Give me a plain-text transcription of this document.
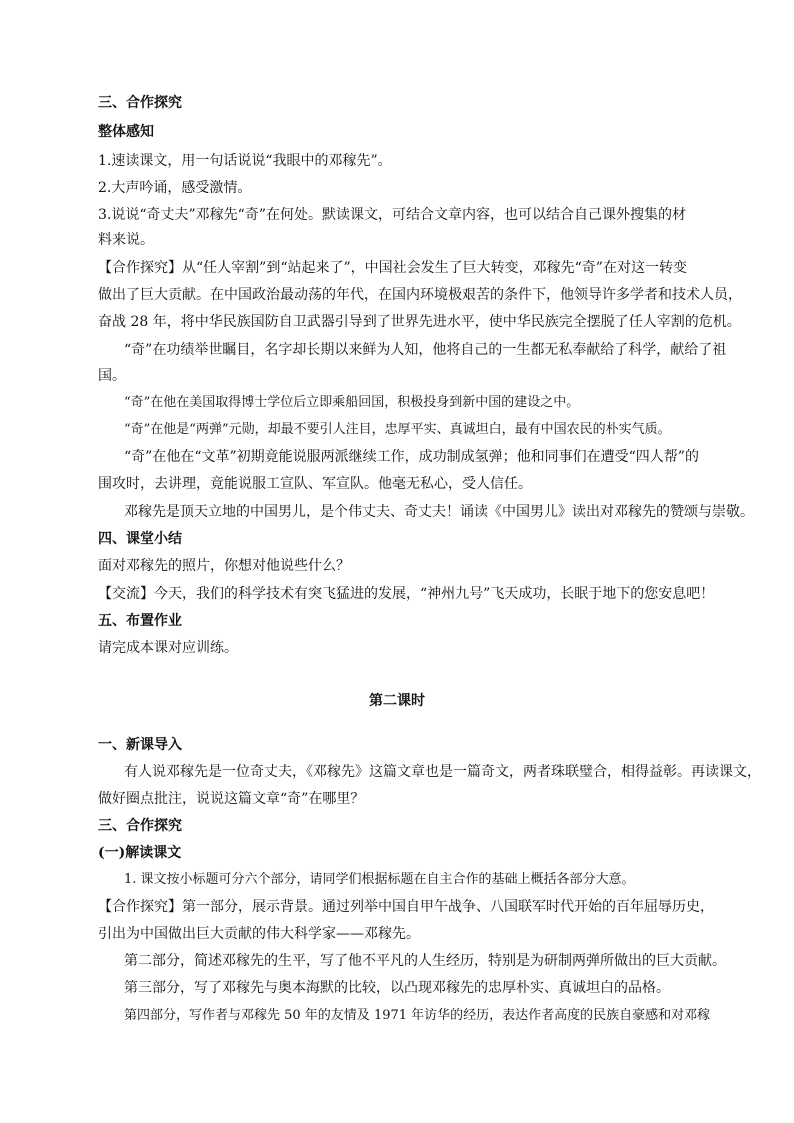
三、合作探究
整体感知
1.速读课文，用一句话说说“我眼中的邓稼先”。
2.大声吟诵，感受激情。
3.说说“奇丈夫”邓稼先“奇”在何处。默读课文，可结合文章内容，也可以结合自己课外搜集的材
料来说。
【合作探究】从“任人宰割”到“站起来了”，中国社会发生了巨大转变，邓稼先“奇”在对这一转变
做出了巨大贡献。在中国政治最动荡的年代，在国内环境极艰苦的条件下，他领导许多学者和技术人员，
奋战 28 年，将中华民族国防自卫武器引导到了世界先进水平，使中华民族完全摆脱了任人宰割的危机。
“奇”在功绩举世瞩目，名字却长期以来鲜为人知，他将自己的一生都无私奉献给了科学，献给了祖
国。
“奇”在他在美国取得博士学位后立即乘船回国，积极投身到新中国的建设之中。
“奇”在他是“两弹”元勋，却最不要引人注目，忠厚平实、真诚坦白，最有中国农民的朴实气质。
“奇”在他在“文革”初期竟能说服两派继续工作，成功制成氢弹；他和同事们在遭受“四人帮”的
围攻时，去讲理，竟能说服工宣队、军宣队。他毫无私心，受人信任。
邓稼先是顶天立地的中国男儿，是个伟丈夫、奇丈夫！诵读《中国男儿》读出对邓稼先的赞颂与崇敬。
四、课堂小结
面对邓稼先的照片，你想对他说些什么？
【交流】今天，我们的科学技术有突飞猛进的发展，“神州九号”飞天成功，长眠于地下的您安息吧！
五、布置作业
请完成本课对应训练。
第二课时
一、新课导入
有人说邓稼先是一位奇丈夫，《邓稼先》这篇文章也是一篇奇文，两者珠联璧合，相得益彰。再读课文，
做好圈点批注，说说这篇文章“奇”在哪里？
三、合作探究
(一)解读课文
1. 课文按小标题可分六个部分，请同学们根据标题在自主合作的基础上概括各部分大意。
【合作探究】第一部分，展示背景。通过列举中国自甲午战争、八国联军时代开始的百年屈辱历史，
引出为中国做出巨大贡献的伟大科学家——邓稼先。
第二部分，简述邓稼先的生平，写了他不平凡的人生经历，特别是为研制两弹所做出的巨大贡献。
第三部分，写了邓稼先与奥本海默的比较，以凸现邓稼先的忠厚朴实、真诚坦白的品格。
第四部分，写作者与邓稼先 50 年的友情及 1971 年访华的经历，表达作者高度的民族自豪感和对邓稼
